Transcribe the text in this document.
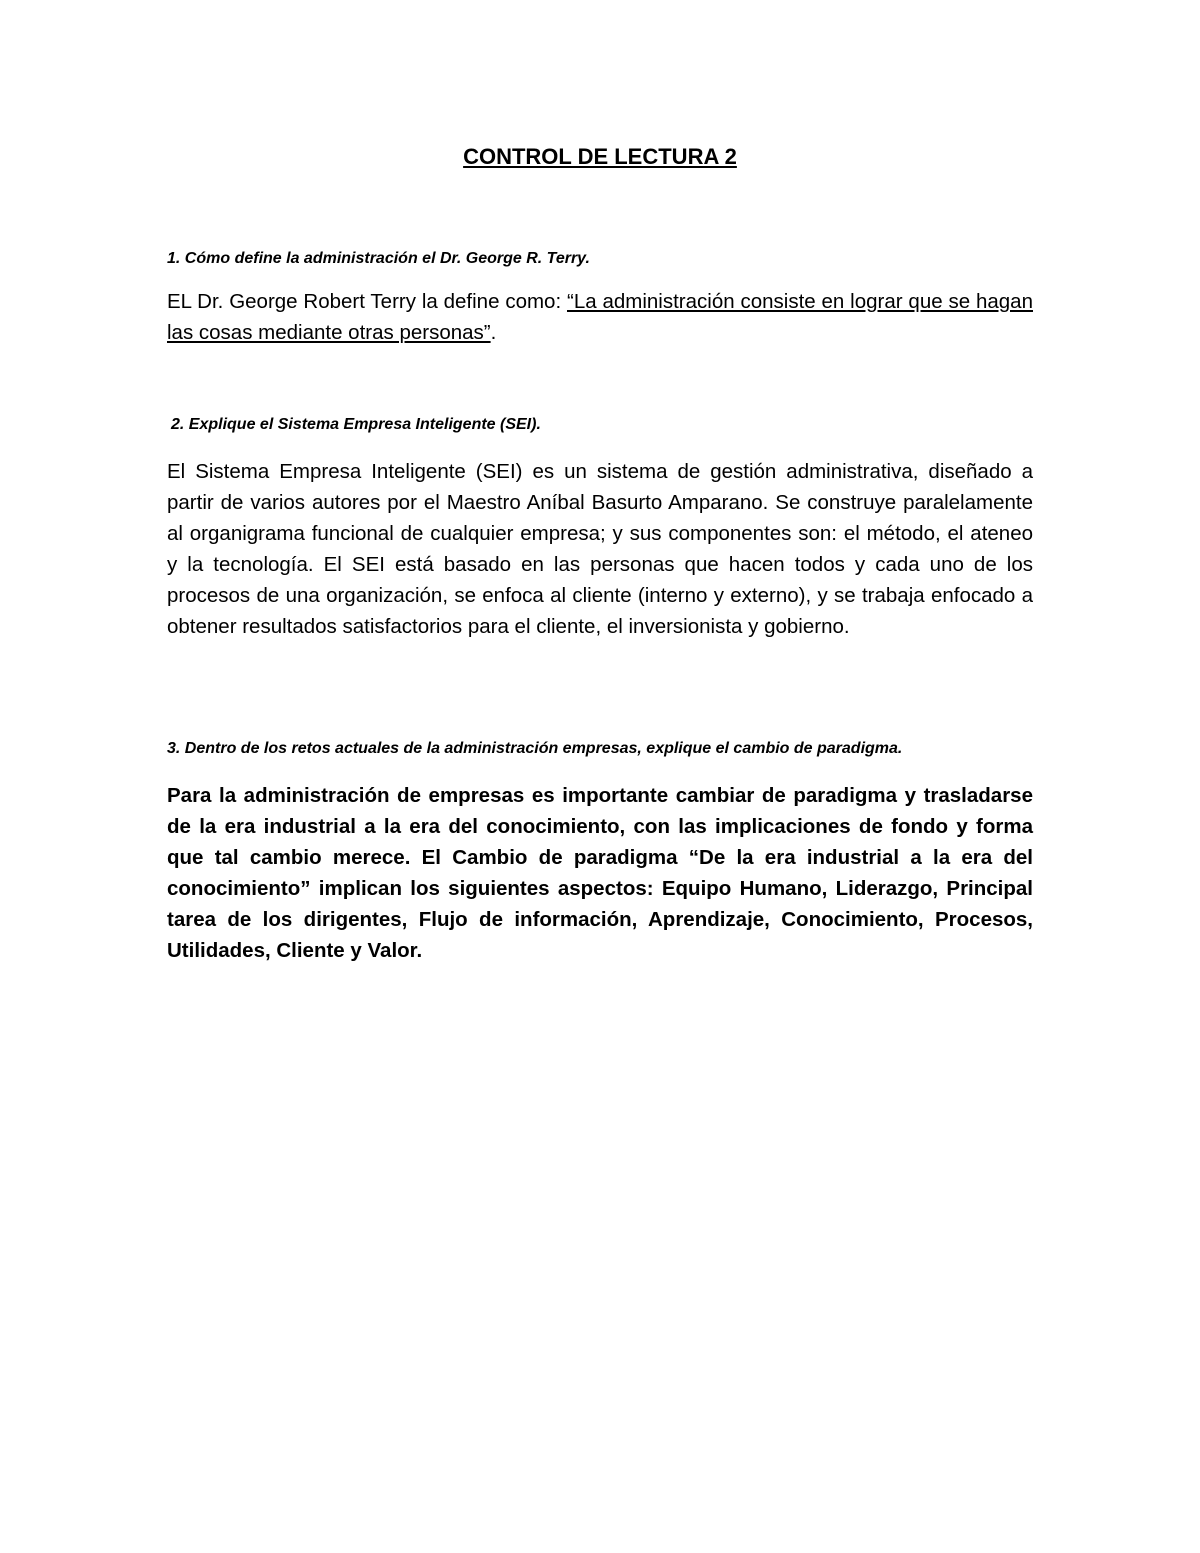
CONTROL DE LECTURA 2

1. Cómo define la administración el Dr. George R. Terry.

EL Dr. George Robert Terry la define como: “La administración consiste en lograr que se hagan las cosas mediante otras personas”.

2. Explique el Sistema Empresa Inteligente (SEI).

El Sistema Empresa Inteligente (SEI) es un sistema de gestión administrativa, diseñado a partir de varios autores por el Maestro Aníbal Basurto Amparano. Se construye paralelamente al organigrama funcional de cualquier empresa; y sus componentes son: el método, el ateneo y la tecnología. El SEI está basado en las personas que hacen todos y cada uno de los procesos de una organización, se enfoca al cliente (interno y externo), y se trabaja enfocado a obtener resultados satisfactorios para el cliente, el inversionista y gobierno.

3. Dentro de los retos actuales de la administración empresas, explique el cambio de paradigma.

Para la administración de empresas es importante cambiar de paradigma y trasladarse de la era industrial a la era del conocimiento, con las implicaciones de fondo y forma que tal cambio merece. El Cambio de paradigma “De la era industrial a la era del conocimiento” implican los siguientes aspectos: Equipo Humano, Liderazgo, Principal tarea de los dirigentes, Flujo de información, Aprendizaje, Conocimiento, Procesos, Utilidades, Cliente y Valor.
